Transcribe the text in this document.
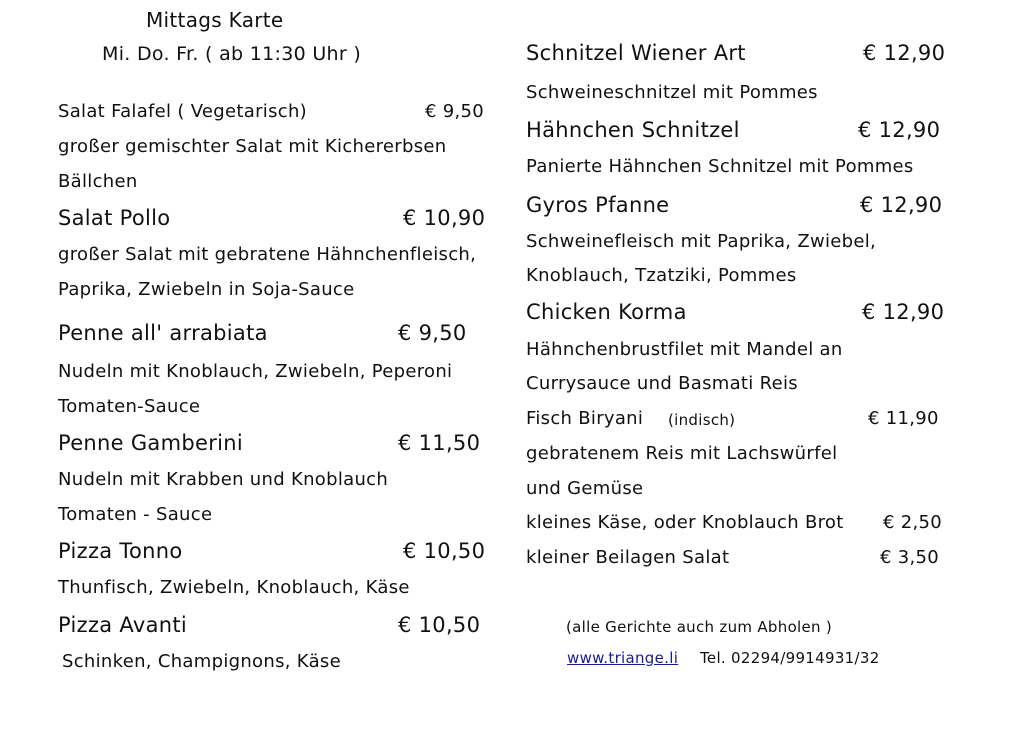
Mittags Karte
Mi. Do. Fr. ( ab 11:30 Uhr )
Salat Falafel ( Vegetarisch)	€ 9,50
großer gemischter Salat mit Kichererbsen
Bällchen
Salat Pollo	€ 10,90
großer Salat mit gebratene Hähnchenfleisch,
Paprika, Zwiebeln in Soja-Sauce
Penne all' arrabiata	€ 9,50
Nudeln mit Knoblauch, Zwiebeln, Peperoni
Tomaten-Sauce
Penne Gamberini	€ 11,50
Nudeln mit Krabben und Knoblauch
Tomaten - Sauce
Pizza Tonno	€ 10,50
Thunfisch, Zwiebeln, Knoblauch, Käse
Pizza Avanti	€ 10,50
Schinken, Champignons, Käse
Schnitzel Wiener Art	€ 12,90
Schweineschnitzel mit Pommes
Hähnchen Schnitzel	€ 12,90
Panierte Hähnchen Schnitzel mit Pommes
Gyros Pfanne	€ 12,90
Schweinefleisch mit Paprika, Zwiebel,
Knoblauch, Tzatziki, Pommes
Chicken Korma	€ 12,90
Hähnchenbrustfilet mit Mandel an
Currysauce und Basmati Reis
Fisch Biryani (indisch)	€ 11,90
gebratenem Reis mit Lachswürfel
und Gemüse
kleines Käse, oder Knoblauch Brot € 2,50
kleiner Beilagen Salat	€ 3,50
(alle Gerichte auch zum Abholen )
www.triange.li Tel. 02294/9914931/32
